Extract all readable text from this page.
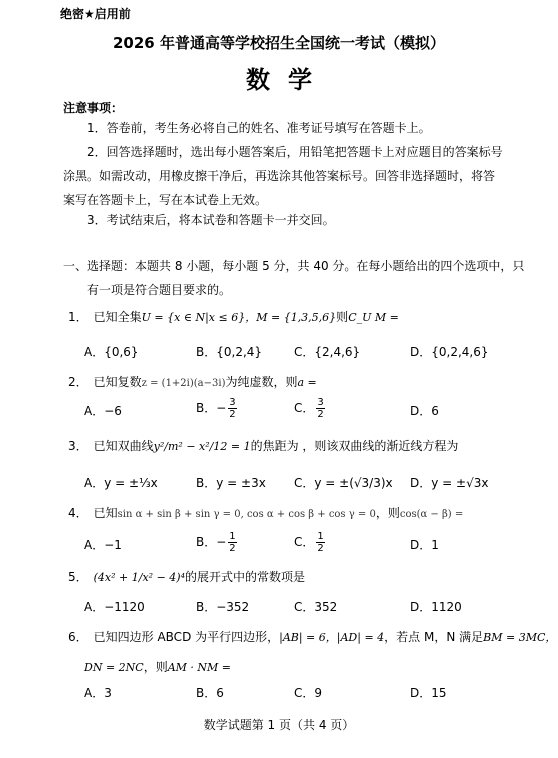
绝密★启用前
2026 年普通高等学校招生全国统一考试（模拟）
数学
注意事项：
1．答卷前，考生务必将自己的姓名、准考证号填写在答题卡上。
2．回答选择题时，选出每小题答案后，用铅笔把答题卡上对应题目的答案标号涂黑。如需改动，用橡皮擦干净后，再选涂其他答案标号。回答非选择题时，将答案写在答题卡上，写在本试卷上无效。
3．考试结束后，将本试卷和答题卡一并交回。
一、选择题：本题共 8 小题，每小题 5 分，共 40 分。在每小题给出的四个选项中，只有一项是符合题目要求的。
1． 已知全集U = {x ∈ N|x ≤ 6}，M = {1,3,5,6}则C_U M =
A．{0,6}	B．{0,2,4}	C．{2,4,6}	D．{0,2,4,6}
2． 已知复数z = (1+2i)(a−3i)为纯虚数，则a =
A．−6	B．− $\frac{3}{2}$	C． $\frac{3}{2}$	D．6
3． 已知双曲线y²/m² − x²/12 = 1的焦距为 ，则该双曲线的渐近线方程为
A．y = ±⅓x	B．y = ±3x C．y = ±(√3/3)x D．y = ±√3x
4． 已知sin α + sin β + sin γ = 0, cos α + cos β + cos γ = 0，则cos(α − β) =
A．−1	B．− $\frac{1}{2}$	C． $\frac{1}{2}$	D．1
5． (4x² + 1/x² − 4)⁴的展开式中的常数项是
A．−1120	B．−352	C．352	D．1120
6． 已知四边形 ABCD 为平行四边形，|AB| = 6，|AD| = 4，若点 M，N 满足BM = 3MC，
DN = 2NC，则AM · NM =
A．3	B．6	C．9	D．15
数学试题第 1 页（共 4 页）
